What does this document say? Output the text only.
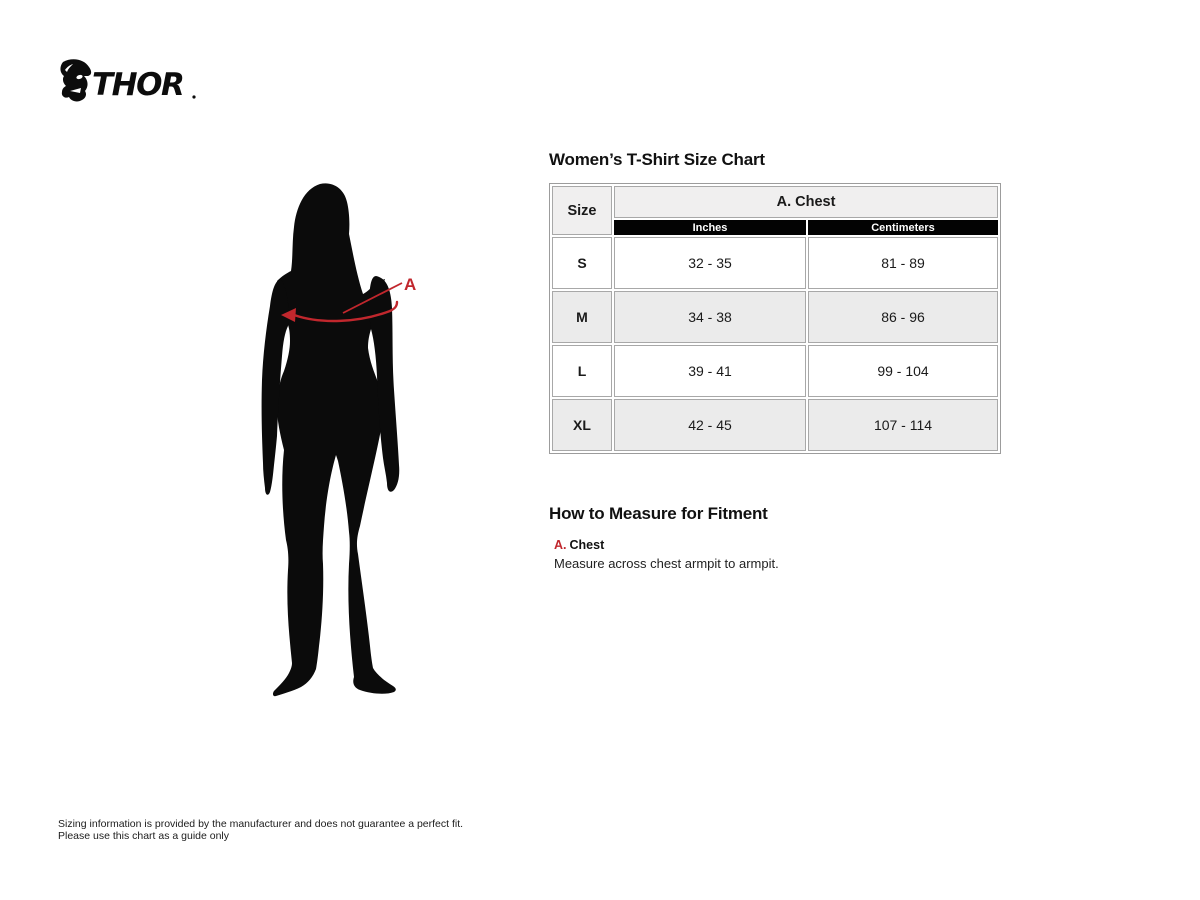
THOR
A
Women’s T-Shirt Size Chart
Size	A. Chest	
	Inches	Centimeters
S	32 - 35	81 - 89
M	34 - 38	86 - 96
L	39 - 41	99 - 104
XL	42 - 45	107 - 114
How to Measure for Fitment
A. Chest
Measure across chest armpit to armpit.
Sizing information is provided by the manufacturer and does not guarantee a perfect fit.
Please use this chart as a guide only
